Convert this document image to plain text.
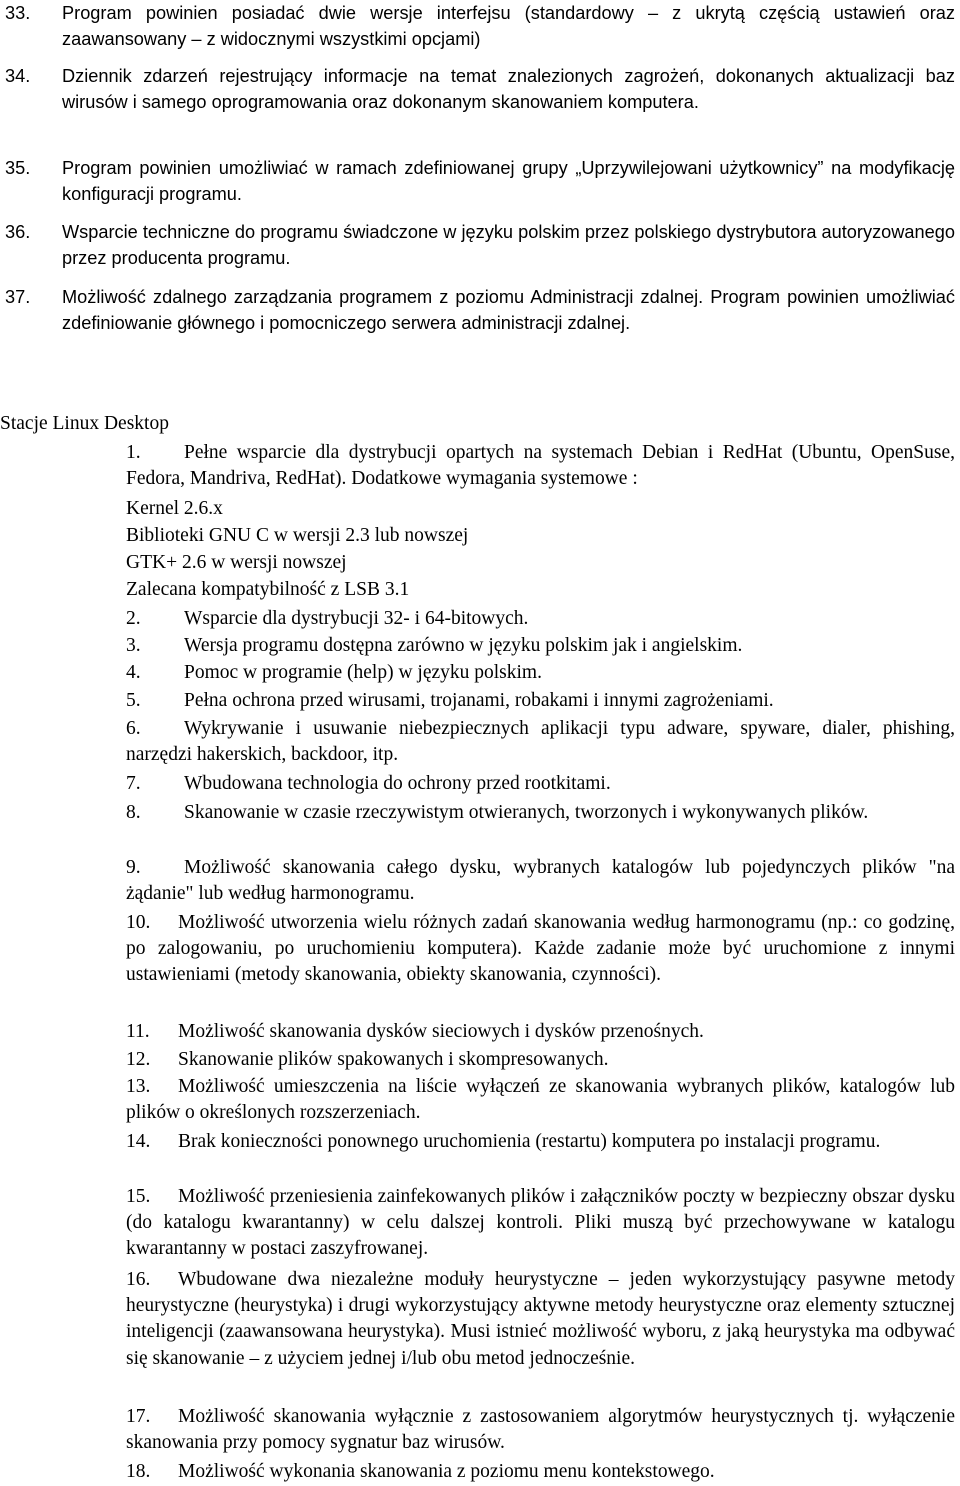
33.	Program powinien posiadać dwie wersje interfejsu (standardowy – z ukrytą częścią ustawień oraz zaawansowany – z widocznymi wszystkimi opcjami)
34.	Dziennik zdarzeń rejestrujący informacje na temat znalezionych zagrożeń, dokonanych aktualizacji baz wirusów i samego oprogramowania oraz dokonanym skanowaniem komputera.
35.	Program powinien umożliwiać w ramach zdefiniowanej grupy „Uprzywilejowani użytkownicy” na modyfikację konfiguracji programu.
36.	Wsparcie techniczne do programu świadczone w języku polskim przez polskiego dystrybutora autoryzowanego przez producenta programu.
37.	Możliwość zdalnego zarządzania programem z poziomu Administracji zdalnej. Program powinien umożliwiać zdefiniowanie głównego i pomocniczego serwera administracji zdalnej.
Stacje Linux Desktop
1.	Pełne wsparcie dla dystrybucji opartych na systemach Debian i RedHat (Ubuntu, OpenSuse, Fedora, Mandriva, RedHat). Dodatkowe wymagania systemowe :
Kernel 2.6.x
Biblioteki GNU C w wersji 2.3 lub nowszej
GTK+ 2.6 w wersji nowszej
Zalecana kompatybilność z LSB 3.1
2.	Wsparcie dla dystrybucji 32- i 64-bitowych.
3.	Wersja programu dostępna zarówno w języku polskim jak i angielskim.
4.	Pomoc w programie (help) w języku polskim.
5.	Pełna ochrona przed wirusami, trojanami, robakami i innymi zagrożeniami.
6.	Wykrywanie i usuwanie niebezpiecznych aplikacji typu adware, spyware, dialer, phishing, narzędzi hakerskich, backdoor, itp.
7.	Wbudowana technologia do ochrony przed rootkitami.
8.	Skanowanie w czasie rzeczywistym otwieranych, tworzonych i wykonywanych plików.
9.	Możliwość skanowania całego dysku, wybranych katalogów lub pojedynczych plików "na żądanie" lub według harmonogramu.
10.	Możliwość utworzenia wielu różnych zadań skanowania według harmonogramu (np.: co godzinę, po zalogowaniu, po uruchomieniu komputera). Każde zadanie może być uruchomione z innymi ustawieniami (metody skanowania, obiekty skanowania, czynności).
11.	Możliwość skanowania dysków sieciowych i dysków przenośnych.
12.	Skanowanie plików spakowanych i skompresowanych.
13.	Możliwość umieszczenia na liście wyłączeń ze skanowania wybranych plików, katalogów lub plików o określonych rozszerzeniach.
14.	Brak konieczności ponownego uruchomienia (restartu) komputera po instalacji programu.
15.	Możliwość przeniesienia zainfekowanych plików i załączników poczty w bezpieczny obszar dysku (do katalogu kwarantanny) w celu dalszej kontroli. Pliki muszą być przechowywane w katalogu kwarantanny w postaci zaszyfrowanej.
16.	Wbudowane dwa niezależne moduły heurystyczne – jeden wykorzystujący pasywne metody heurystyczne (heurystyka) i drugi wykorzystujący aktywne metody heurystyczne oraz elementy sztucznej inteligencji (zaawansowana heurystyka). Musi istnieć możliwość wyboru, z jaką heurystyka ma odbywać się skanowanie – z użyciem jednej i/lub obu metod jednocześnie.
17.	Możliwość skanowania wyłącznie z zastosowaniem algorytmów heurystycznych tj. wyłączenie skanowania przy pomocy sygnatur baz wirusów.
18.	Możliwość wykonania skanowania z poziomu menu kontekstowego.
